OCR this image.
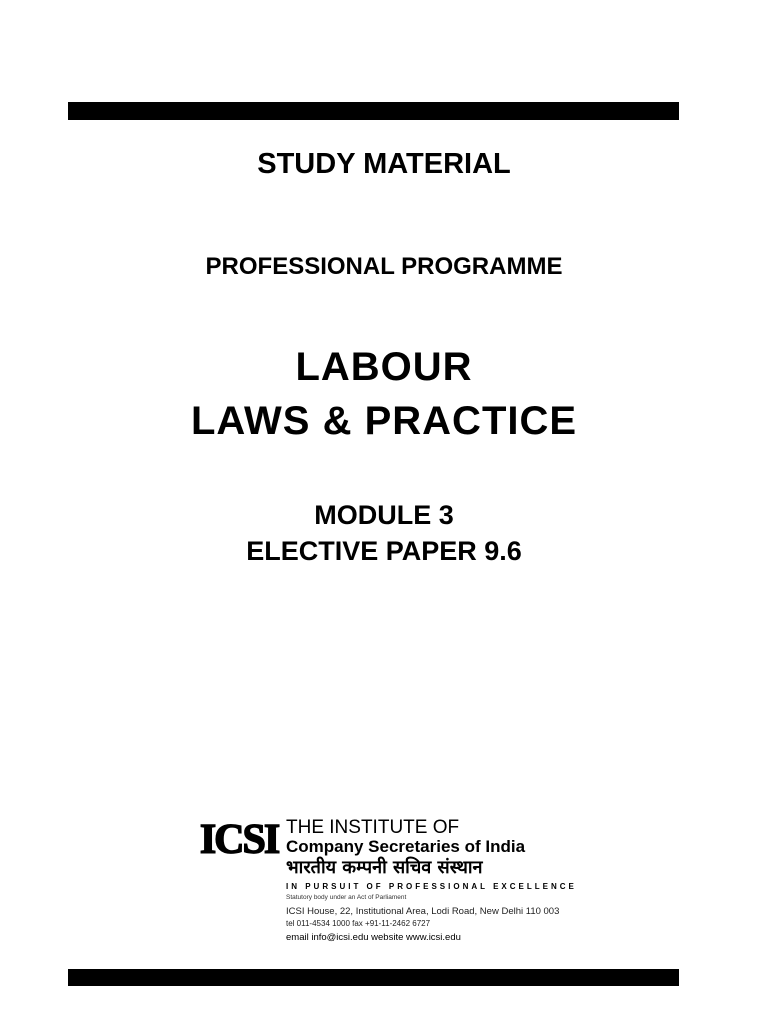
STUDY MATERIAL
PROFESSIONAL PROGRAMME
LABOUR
LAWS & PRACTICE
MODULE 3
ELECTIVE PAPER 9.6
ICSI THE INSTITUTE OF
Company Secretaries of India
भारतीय कम्पनी सचिव संस्थान
IN PURSUIT OF PROFESSIONAL EXCELLENCE
Statutory body under an Act of Parliament
ICSI House, 22, Institutional Area, Lodi Road, New Delhi 110 003
tel 011-4534 1000 fax +91-11-2462 6727
email info@icsi.edu website www.icsi.edu
